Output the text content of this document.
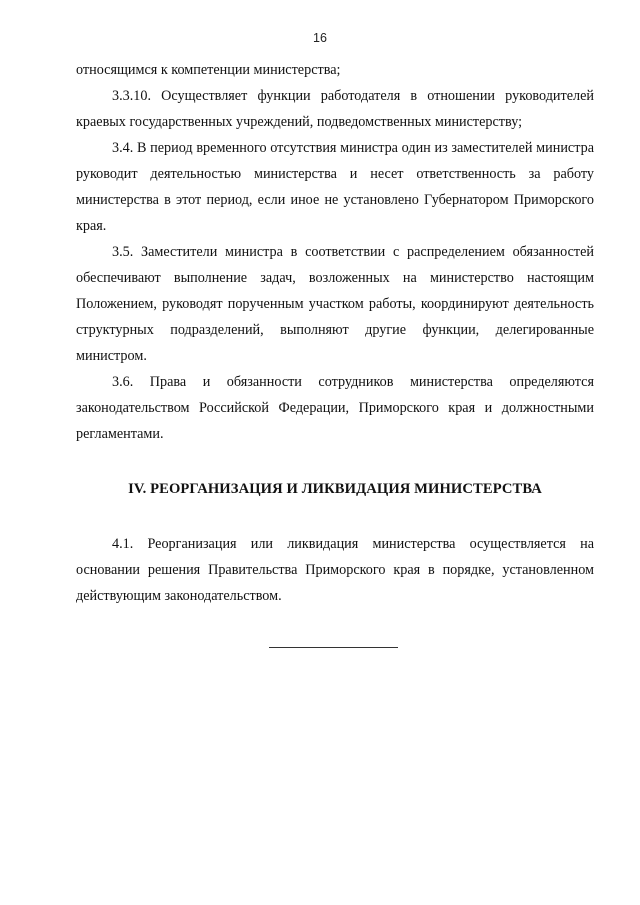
16

относящимся к компетенции министерства;

3.3.10. Осуществляет функции работодателя в отношении руководителей краевых государственных учреждений, подведомственных министерству;

3.4. В период временного отсутствия министра один из заместителей министра руководит деятельностью министерства и несет ответственность за работу министерства в этот период, если иное не установлено Губернатором Приморского края.

3.5. Заместители министра в соответствии с распределением обязанностей обеспечивают выполнение задач, возложенных на министерство настоящим Положением, руководят порученным участком работы, координируют деятельность структурных подразделений, выполняют другие функции, делегированные министром.

3.6. Права и обязанности сотрудников министерства определяются законодательством Российской Федерации, Приморского края и должностными регламентами.

IV. РЕОРГАНИЗАЦИЯ И ЛИКВИДАЦИЯ МИНИСТЕРСТВА

4.1. Реорганизация или ликвидация министерства осуществляется на основании решения Правительства Приморского края в порядке, установленном действующим законодательством.
